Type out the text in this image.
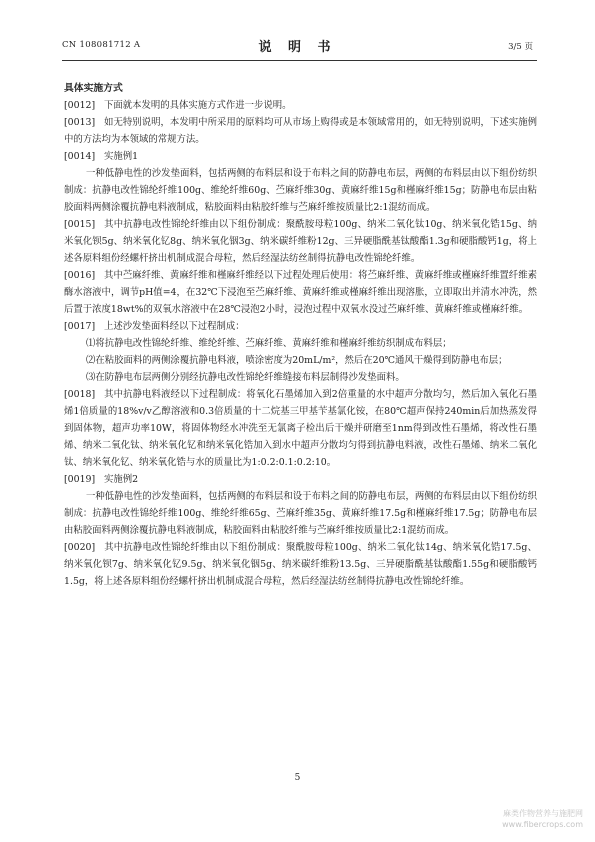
CN 108081712 A	说 明 书	3/5 页
具体实施方式

[0012] 下面就本发明的具体实施方式作进一步说明。

[0013] 如无特别说明，本发明中所采用的原料均可从市场上购得或是本领域常用的，如无特别说明，下述实施例中的方法均为本领域的常规方法。

[0014] 实施例1

一种低静电性的沙发垫面料，包括两侧的布料层和设于布料之间的防静电布层，两侧的布料层由以下组份纺织制成：抗静电改性锦纶纤维100g、维纶纤维60g、苎麻纤维30g、黄麻纤维15g和槿麻纤维15g；防静电布层由粘胶面料两侧涂覆抗静电料液制成，粘胶面料由粘胶纤维与苎麻纤维按质量比2:1混纺而成。

[0015] 其中抗静电改性锦纶纤维由以下组份制成：聚酰胺母粒100g、纳米二氧化钛10g、纳米氧化锆15g、纳米氧化钡5g、纳米氧化钇8g、纳米氧化铟3g、纳米碳纤维粉12g、三异硬脂酰基钛酸酯1.3g和硬脂酸钙1g，将上述各原料组份经螺杆挤出机制成混合母粒，然后经湿法纺丝制得抗静电改性锦纶纤维。

[0016] 其中苎麻纤维、黄麻纤维和槿麻纤维经以下过程处理后使用：将苎麻纤维、黄麻纤维或槿麻纤维置纤维素酶水溶液中，调节pH值=4，在32℃下浸泡至苎麻纤维、黄麻纤维或槿麻纤维出现溶胀，立即取出并清水冲洗，然后置于浓度18wt%的双氧水溶液中在28℃浸泡2小时，浸泡过程中双氧水没过苎麻纤维、黄麻纤维或槿麻纤维。

[0017] 上述沙发垫面料经以下过程制成：

⑴将抗静电改性锦纶纤维、维纶纤维、苎麻纤维、黄麻纤维和槿麻纤维纺织制成布料层；

⑵在粘胶面料的两侧涂覆抗静电料液，喷涂密度为20mL/m²，然后在20℃通风干燥得到防静电布层；

⑶在防静电布层两侧分别经抗静电改性锦纶纤维缝接布料层制得沙发垫面料。

[0018] 其中抗静电料液经以下过程制成：将氧化石墨烯加入到2倍重量的水中超声分散均匀，然后加入氧化石墨烯1倍质量的18%v/v乙醇溶液和0.3倍质量的十二烷基三甲基苄基氯化铵，在80℃超声保持240min后加热蒸发得到固体物，超声功率10W，将固体物经水冲洗至无氯离子检出后干燥并研磨至1nm得到改性石墨烯，将改性石墨烯、纳米二氧化钛、纳米氧化钇和纳米氧化锆加入到水中超声分散均匀得到抗静电料液，改性石墨烯、纳米二氧化钛、纳米氧化钇、纳米氧化锆与水的质量比为1:0.2:0.1:0.2:10。

[0019] 实施例2

一种低静电性的沙发垫面料，包括两侧的布料层和设于布料之间的防静电布层，两侧的布料层由以下组份纺织制成：抗静电改性锦纶纤维100g、维纶纤维65g、苎麻纤维35g、黄麻纤维17.5g和槿麻纤维17.5g；防静电布层由粘胶面料两侧涂覆抗静电料液制成，粘胶面料由粘胶纤维与苎麻纤维按质量比2:1混纺而成。

[0020] 其中抗静电改性锦纶纤维由以下组份制成：聚酰胺母粒100g、纳米二氧化钛14g、纳米氧化锆17.5g、纳米氧化钡7g、纳米氧化钇9.5g、纳米氧化铟5g、纳米碳纤维粉13.5g、三异硬脂酰基钛酸酯1.55g和硬脂酸钙1.5g，将上述各原料组份经螺杆挤出机制成混合母粒，然后经湿法纺丝制得抗静电改性锦纶纤维。

5
麻类作物营养与施肥网
www.fibercrops.com
